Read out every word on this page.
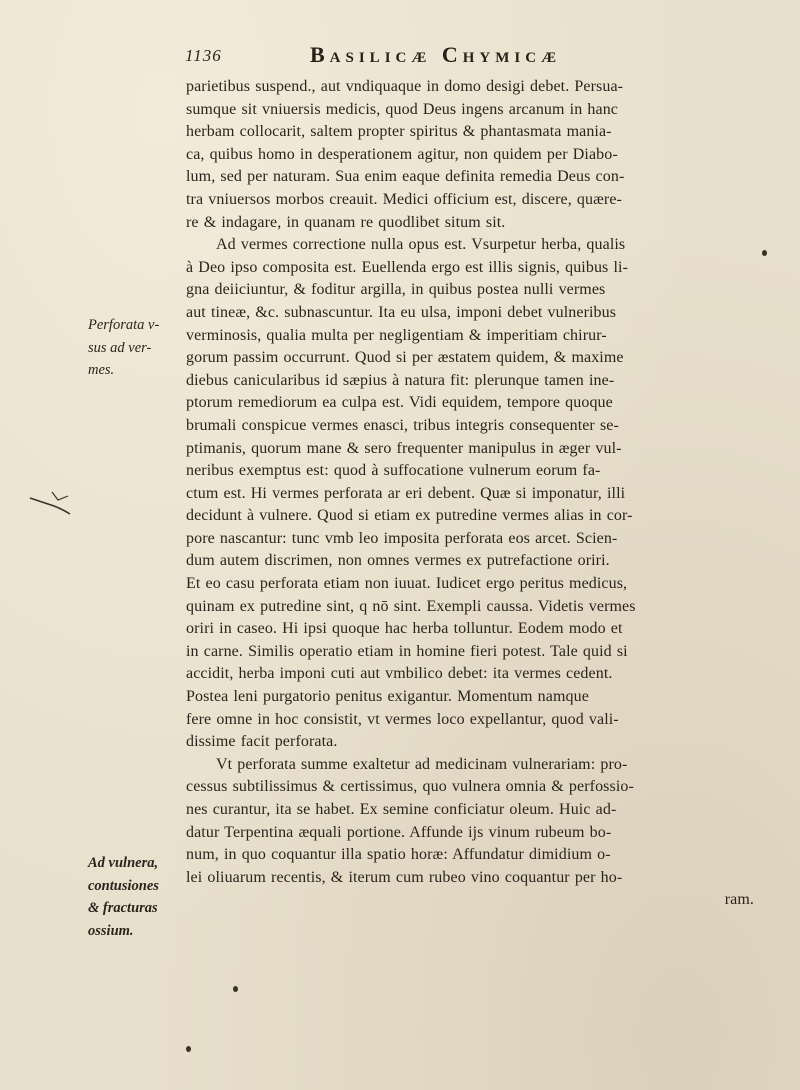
1136	Basilicæ Chymicæ
parietibus suspend., aut vndiquaque in domo desigi debet. Persua-
sumque sit vniuersis medicis, quod Deus ingens arcanum in hanc
herbam collocarit, saltem propter spiritus & phantasmata mania-
ca, quibus homo in desperationem agitur, non quidem per Diabo-
lum, sed per naturam. Sua enim eaque definita remedia Deus con-
tra vniuersos morbos creauit. Medici officium est, discere, quære-
re & indagare, in quanam re quodlibet situm sit.
Ad vermes correctione nulla opus est. Vsurpetur herba, qualis
à Deo ipso composita est. Euellenda ergo est illis signis, quibus li-
gna deiiciuntur, & foditur argilla, in quibus postea nulli vermes
aut tineæ, &c. subnascuntur. Ita eu ulsa, imponi debet vulneribus
verminosis, qualia multa per negligentiam & imperitiam chirur-
gorum passim occurrunt. Quod si per æstatem quidem, & maxime
diebus canicularibus id sæpius à natura fit: plerunque tamen ine-
ptorum remediorum ea culpa est. Vidi equidem, tempore quoque
brumali conspicue vermes enasci, tribus integris consequenter se-
ptimanis, quorum mane & sero frequenter manipulus in æger vul-
neribus exemptus est: quod à suffocatione vulnerum eorum fa-
ctum est. Hi vermes perforata ar eri debent. Quæ si imponatur, illi
decidunt à vulnere. Quod si etiam ex putredine vermes alias in cor-
pore nascantur: tunc vmb leo imposita perforata eos arcet. Scien-
dum autem discrimen, non omnes vermes ex putrefactione oriri.
Et eo casu perforata etiam non iuuat. Iudicet ergo peritus medicus,
quinam ex putredine sint, q nō sint. Exempli caussa. Videtis vermes
oriri in caseo. Hi ipsi quoque hac herba tolluntur. Eodem modo et
in carne. Similis operatio etiam in homine fieri potest. Tale quid si
accidit, herba imponi cuti aut vmbilico debet: ita vermes cedent.
Postea leni purgatorio penitus exigantur. Momentum namque
fere omne in hoc consistit, vt vermes loco expellantur, quod vali-
dissime facit perforata.
Vt perforata summe exaltetur ad medicinam vulnerariam: pro-
cessus subtilissimus & certissimus, quo vulnera omnia & perfossio-
nes curantur, ita se habet. Ex semine conficiatur oleum. Huic ad-
datur Terpentina æquali portione. Affunde ijs vinum rubeum bo-
num, in quo coquantur illa spatio horæ: Affundatur dimidium o-
lei oliuarum recentis, & iterum cum rubeo vino coquantur per ho-
ram.
Perforata v-
sus ad ver-
mes.
Ad vulnera,
contusiones
& fracturas
ossium.
